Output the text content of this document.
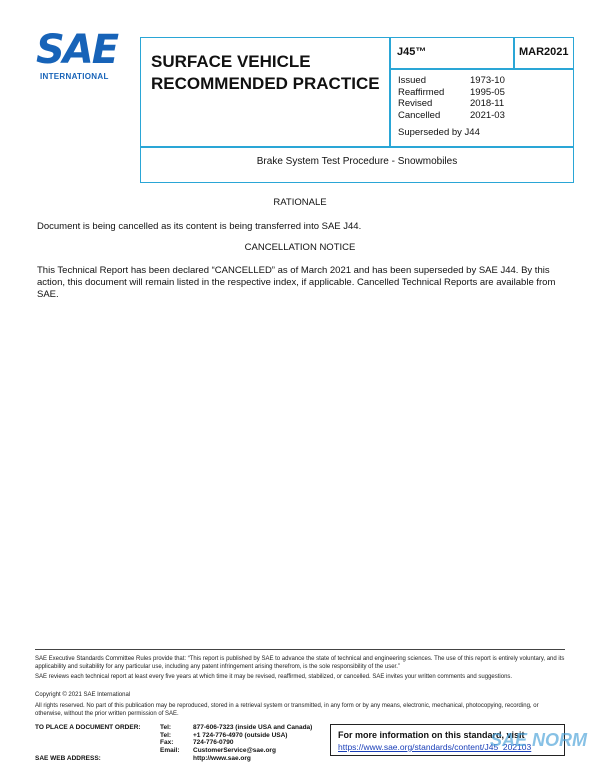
SAE
INTERNATIONAL
SURFACE VEHICLE
RECOMMENDED PRACTICE
J45™	MAR2021
Issued	1973-10
Reaffirmed	1995-05
Revised	2018-11
Cancelled	2021-03
Superseded by J44
Brake System Test Procedure - Snowmobiles
RATIONALE
Document is being cancelled as its content is being transferred into SAE J44.
CANCELLATION NOTICE
This Technical Report has been declared “CANCELLED” as of March 2021 and has been superseded by SAE J44. By this action, this document will remain listed in the respective index, if applicable. Cancelled Technical Reports are available from SAE.
SAE Executive Standards Committee Rules provide that: “This report is published by SAE to advance the state of technical and engineering sciences. The use of this report is entirely voluntary, and its applicability and suitability for any particular use, including any patent infringement arising therefrom, is the sole responsibility of the user.”
SAE reviews each technical report at least every five years at which time it may be revised, reaffirmed, stabilized, or cancelled. SAE invites your written comments and suggestions.
Copyright © 2021 SAE International
All rights reserved. No part of this publication may be reproduced, stored in a retrieval system or transmitted, in any form or by any means, electronic, mechanical, photocopying, recording, or otherwise, without the prior written permission of SAE.
TO PLACE A DOCUMENT ORDER:
SAE WEB ADDRESS:
Tel:	877-606-7323 (inside USA and Canada)
Tel:	+1 724-776-4970 (outside USA)
Fax:	724-776-0790
Email:	CustomerService@sae.org
http://www.sae.org
For more information on this standard, visit
https://www.sae.org/standards/content/J45_202103
SAE NORM
